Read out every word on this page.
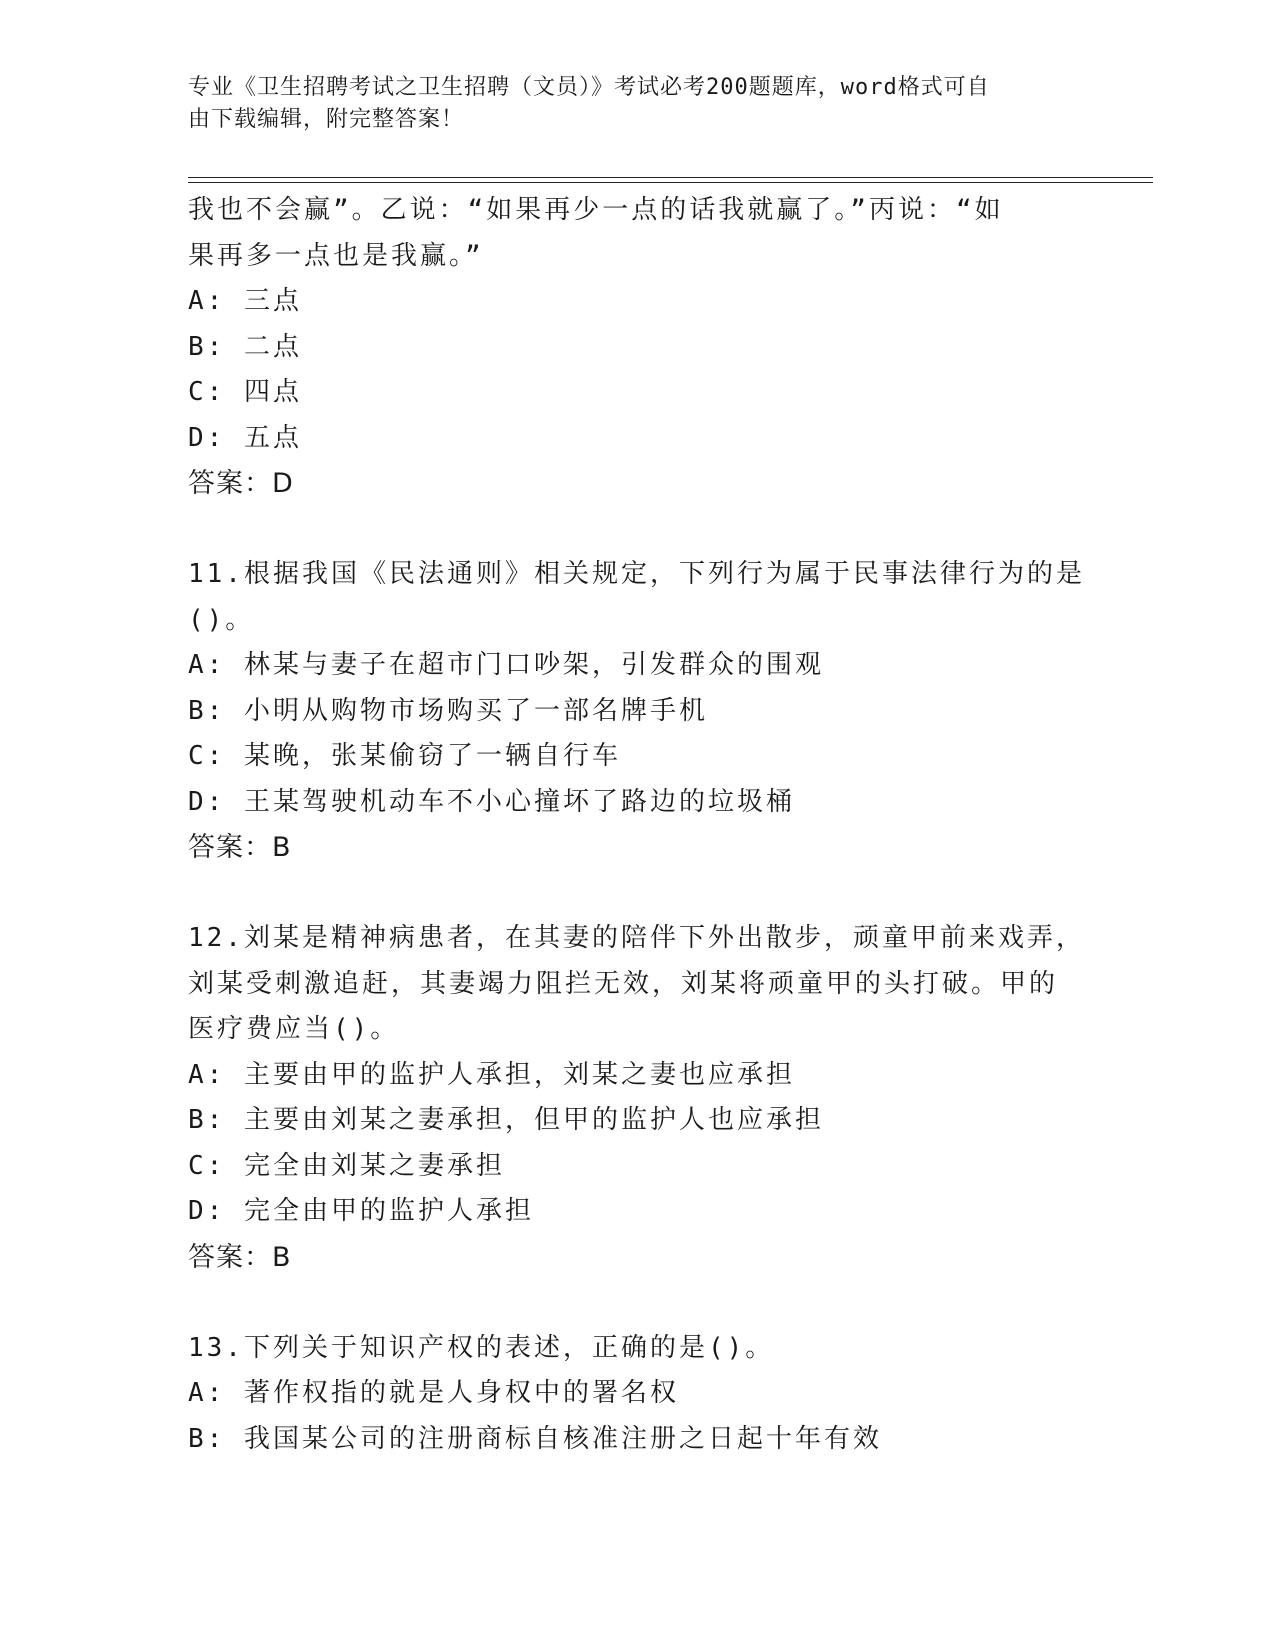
专业《卫生招聘考试之卫生招聘（文员）》考试必考200题题库，word格式可自
由下载编辑，附完整答案！
我也不会赢”。乙说：“如果再少一点的话我就赢了。”丙说：“如
果再多一点也是我赢。”
A: 三点
B: 二点
C: 四点
D: 五点
答案：D
11.根据我国《民法通则》相关规定，下列行为属于民事法律行为的是
()。
A: 林某与妻子在超市门口吵架，引发群众的围观
B: 小明从购物市场购买了一部名牌手机
C: 某晚，张某偷窃了一辆自行车
D: 王某驾驶机动车不小心撞坏了路边的垃圾桶
答案：B
12.刘某是精神病患者，在其妻的陪伴下外出散步，顽童甲前来戏弄，
刘某受刺激追赶，其妻竭力阻拦无效，刘某将顽童甲的头打破。甲的
医疗费应当()。
A: 主要由甲的监护人承担，刘某之妻也应承担
B: 主要由刘某之妻承担，但甲的监护人也应承担
C: 完全由刘某之妻承担
D: 完全由甲的监护人承担
答案：B
13.下列关于知识产权的表述，正确的是()。
A: 著作权指的就是人身权中的署名权
B: 我国某公司的注册商标自核准注册之日起十年有效
